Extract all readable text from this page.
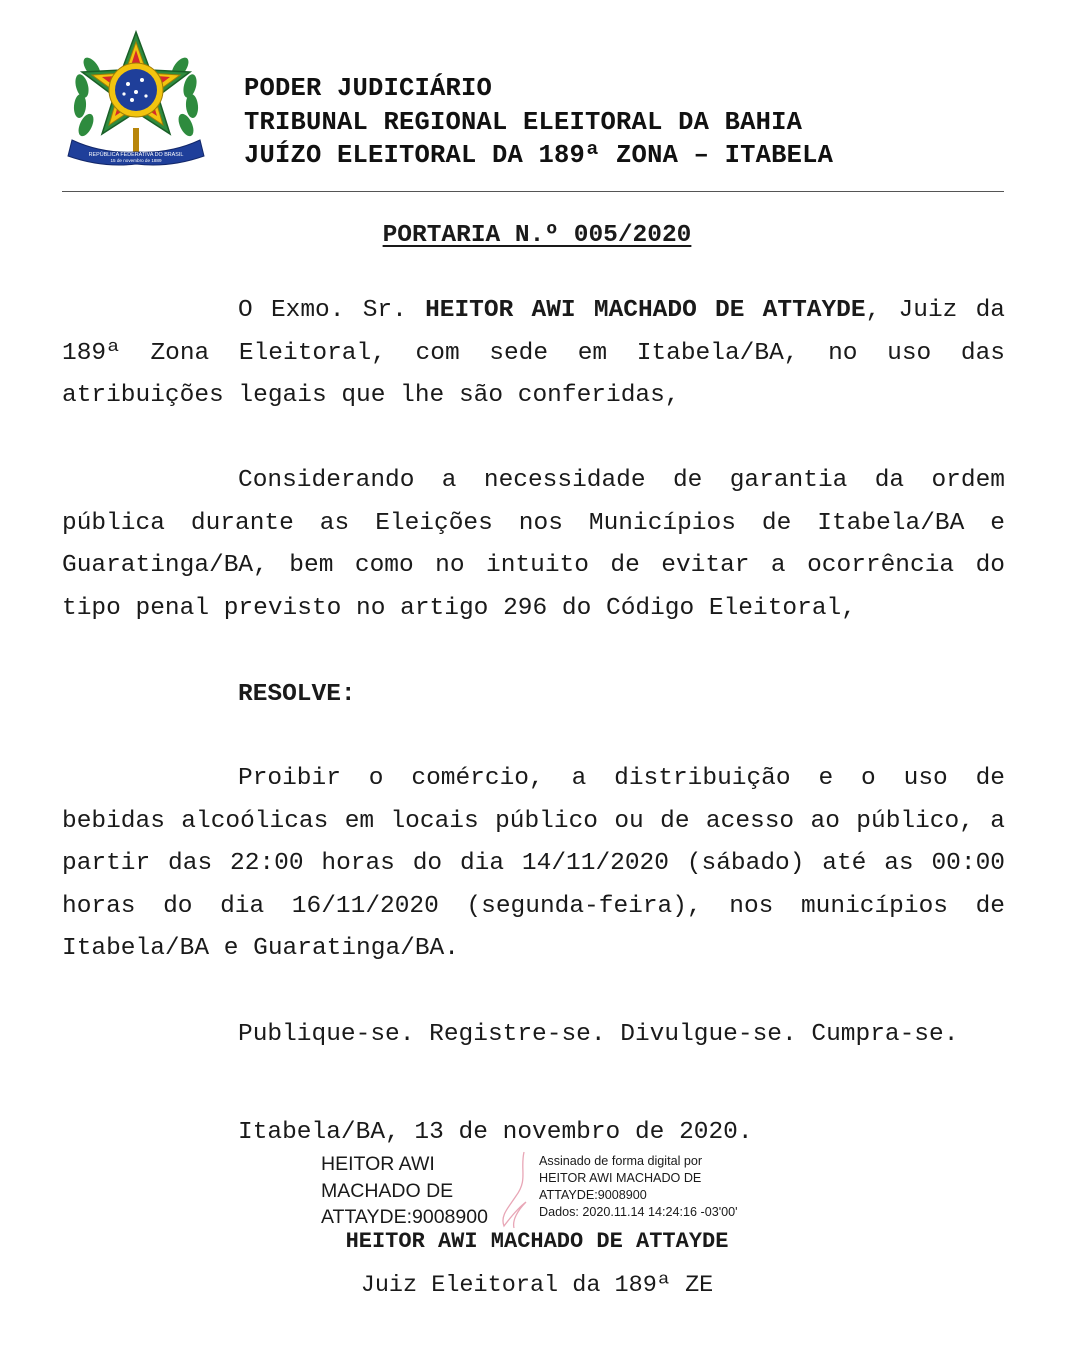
REPÚBLICA FEDERATIVA DO BRASIL
15 de novembro de 1889
PODER JUDICIÁRIO
TRIBUNAL REGIONAL ELEITORAL DA BAHIA
JUÍZO ELEITORAL DA 189ª ZONA – ITABELA
PORTARIA N.º 005/2020

O Exmo. Sr. HEITOR AWI MACHADO DE ATTAYDE, Juiz da 189ª Zona Eleitoral, com sede em Itabela/BA, no uso das atribuições legais que lhe são conferidas,

Considerando a necessidade de garantia da ordem pública durante as Eleições nos Municípios de Itabela/BA e Guaratinga/BA, bem como no intuito de evitar a ocorrência do tipo penal previsto no artigo 296 do Código Eleitoral,

RESOLVE:

Proibir o comércio, a distribuição e o uso de bebidas alcoólicas em locais público ou de acesso ao público, a partir das 22:00 horas do dia 14/11/2020 (sábado) até as 00:00 horas do dia 16/11/2020 (segunda-feira), nos municípios de Itabela/BA e Guaratinga/BA.

Publique-se. Registre-se. Divulgue-se. Cumpra-se.
Itabela/BA, 13 de novembro de 2020.
HEITOR AWI
MACHADO DE
ATTAYDE:9008900
Assinado de forma digital por
HEITOR AWI MACHADO DE
ATTAYDE:9008900
Dados: 2020.11.14 14:24:16 -03'00'
HEITOR AWI MACHADO DE ATTAYDE
Juiz Eleitoral da 189ª ZE
